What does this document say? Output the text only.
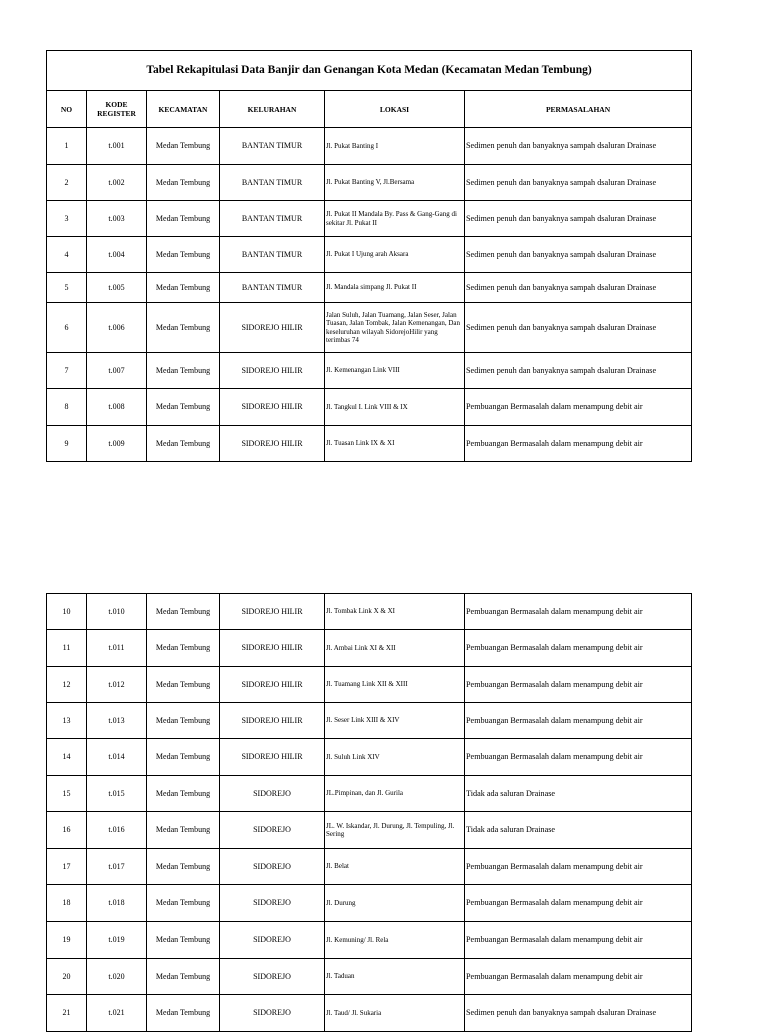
Tabel Rekapitulasi Data Banjir dan Genangan Kota Medan (Kecamatan Medan Tembung)					
NO	KODE REGISTER	KECAMATAN	KELURAHAN	LOKASI	PERMASALAHAN
1	t.001	Medan Tembung	BANTAN TIMUR	Jl. Pukat Banting I	Sedimen penuh dan banyaknya sampah dsaluran Drainase
2	t.002	Medan Tembung	BANTAN TIMUR	Jl. Pukat Banting V, Jl.Bersama	Sedimen penuh dan banyaknya sampah dsaluran Drainase
3	t.003	Medan Tembung	BANTAN TIMUR	Jl. Pukat II Mandala By. Pass & Gang-Gang di sekitar Jl. Pukat II	Sedimen penuh dan banyaknya sampah dsaluran Drainase
4	t.004	Medan Tembung	BANTAN TIMUR	Jl. Pukat I Ujung arah Aksara	Sedimen penuh dan banyaknya sampah dsaluran Drainase
5	t.005	Medan Tembung	BANTAN TIMUR	Jl. Mandala simpang Jl. Pukat II	Sedimen penuh dan banyaknya sampah dsaluran Drainase
6	t.006	Medan Tembung	SIDOREJO HILIR	Jalan Suluh, Jalan Tuamang, Jalan Seser, Jalan Tuasan, Jalan Tombak, Jalan Kemenangan, Dan keseluruhan wilayah SidorejoHilir yang terimbas 74	Sedimen penuh dan banyaknya sampah dsaluran Drainase
7	t.007	Medan Tembung	SIDOREJO HILIR	Jl. Kemenangan Link VIII	Sedimen penuh dan banyaknya sampah dsaluran Drainase
8	t.008	Medan Tembung	SIDOREJO HILIR	Jl. Tangkul I. Link VIII & IX	Pembuangan Bermasalah dalam menampung debit air
9	t.009	Medan Tembung	SIDOREJO HILIR	Jl. Tuasan Link IX & XI	Pembuangan Bermasalah dalam menampung debit air
10	t.010	Medan Tembung	SIDOREJO HILIR	Jl. Tombak Link X & XI	Pembuangan Bermasalah dalam menampung debit air
11	t.011	Medan Tembung	SIDOREJO HILIR	Jl. Ambai Link XI & XII	Pembuangan Bermasalah dalam menampung debit air
12	t.012	Medan Tembung	SIDOREJO HILIR	Jl. Tuamang Link XII & XIII	Pembuangan Bermasalah dalam menampung debit air
13	t.013	Medan Tembung	SIDOREJO HILIR	Jl. Seser Link XIII & XIV	Pembuangan Bermasalah dalam menampung debit air
14	t.014	Medan Tembung	SIDOREJO HILIR	Jl. Suluh Link XIV	Pembuangan Bermasalah dalam menampung debit air
15	t.015	Medan Tembung	SIDOREJO	JL.Pimpinan, dan Jl. Gurila	Tidak ada saluran Drainase
16	t.016	Medan Tembung	SIDOREJO	JL. W. Iskandar, Jl. Durung, Jl. Tempuling, Jl. Sering	Tidak ada saluran Drainase
17	t.017	Medan Tembung	SIDOREJO	Jl. Belat	Pembuangan Bermasalah dalam menampung debit air
18	t.018	Medan Tembung	SIDOREJO	Jl. Durung	Pembuangan Bermasalah dalam menampung debit air
19	t.019	Medan Tembung	SIDOREJO	Jl. Kemuning/ Jl. Rela	Pembuangan Bermasalah dalam menampung debit air
20	t.020	Medan Tembung	SIDOREJO	Jl. Taduan	Pembuangan Bermasalah dalam menampung debit air
21	t.021	Medan Tembung	SIDOREJO	Jl. Taud/ Jl. Sukaria	Sedimen penuh dan banyaknya sampah dsaluran Drainase
